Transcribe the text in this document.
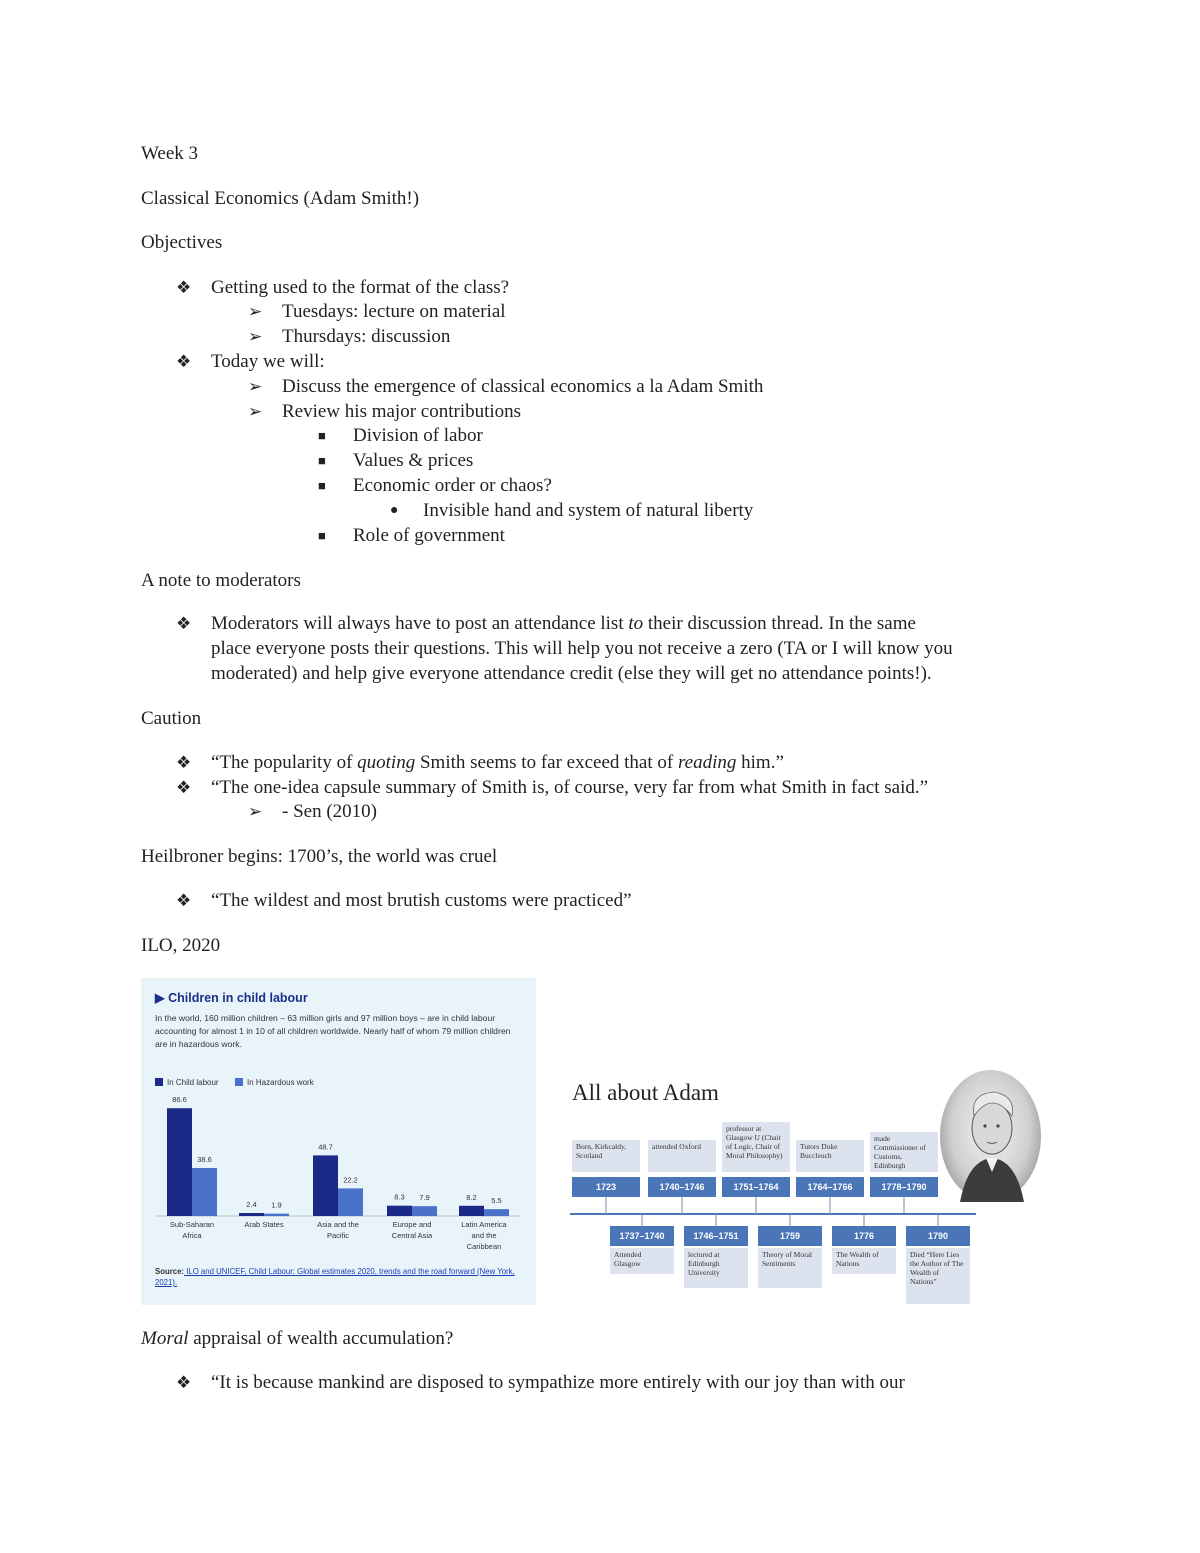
Week 3
Classical Economics (Adam Smith!)
Objectives
❖ Getting used to the format of the class?
➢ Tuesdays: lecture on material
➢ Thursdays: discussion
❖ Today we will:
➢ Discuss the emergence of classical economics a la Adam Smith
➢ Review his major contributions
■ Division of labor
■ Values & prices
■ Economic order or chaos?
● Invisible hand and system of natural liberty
■ Role of government
A note to moderators
❖ Moderators will always have to post an attendance list to their discussion thread. In the same
place everyone posts their questions. This will help you not receive a zero (TA or I will know you
moderated) and help give everyone attendance credit (else they will get no attendance points!).
Caution
❖ “The popularity of quoting Smith seems to far exceed that of reading him.”
❖ “The one-idea capsule summary of Smith is, of course, very far from what Smith in fact said.”
➢ - Sen (2010)
Heilbroner begins: 1700’s, the world was cruel
❖ “The wildest and most brutish customs were practiced”
ILO, 2020
▶ Children in child labour
In the world, 160 million children – 63 million girls and 97 million boys – are in child labour accounting for almost 1 in 10 of all children worldwide. Nearly half of whom 79 million children are in hazardous work.
In Child labour	In Hazardous work
86.6
38.6
Sub-Saharan
Africa
2.4 1.9
Arab States
48.7
22.2
Asia and the
Pacific
8.3 7.9
Europe and
Central Asia
8.2 5.5
Latin America
and the
Caribbean
Source: ILO and UNICEF, Child Labour: Global estimates 2020, trends and the road forward (New York, 2021).
All about Adam
Born, Kirkcaldy, Scotland
1723
attended Oxford
1740–1746
professor at Glasgow U (Chair of Logic, Chair of Moral Philosophy)
1751–1764
Tutors Duke Buccleuch
1764–1766
made Commissioner of Customs, Edinburgh
1778–1790
1737–1740
Attended Glasgow
1746–1751
lectured at Edinburgh University
1759
Theory of Moral Sentiments
1776
The Wealth of Nations
1790
Died “Here Lies the Author of The Wealth of Nations”
Moral appraisal of wealth accumulation?
❖ “It is because mankind are disposed to sympathize more entirely with our joy than with our
